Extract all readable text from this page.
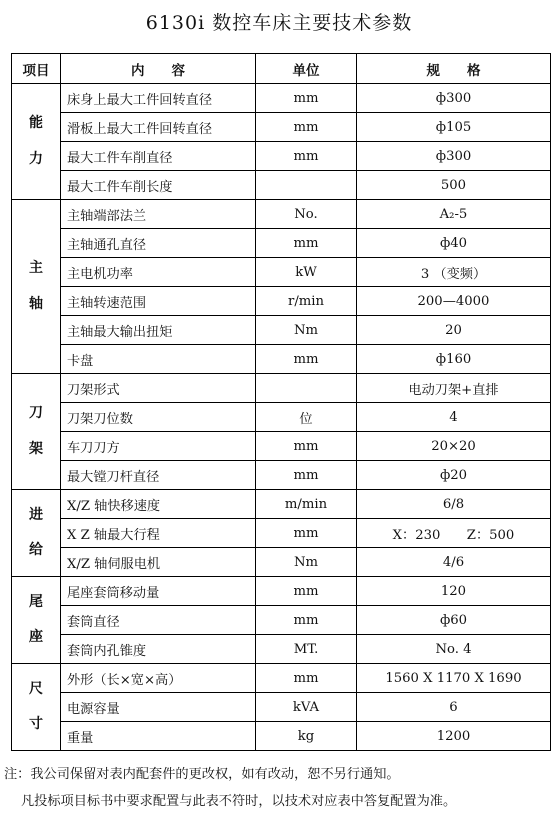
6130i 数控车床主要技术参数
项目	内　　容	单位	规　　格

能
力	床身上最大工件回转直径	mm	ф300
	滑板上最大工件回转直径	mm	ф105
	最大工件车削直径	mm	ф300
	最大工件车削长度		500

主
轴	主轴端部法兰	No.	A₂-5
	主轴通孔直径	mm	ф40
	主电机功率	kW	3 （变频）
	主轴转速范围	r/min	200—4000
	主轴最大输出扭矩	Nm	20
	卡盘	mm	ф160

刀
架	刀架形式		电动刀架+直排
	刀架刀位数	位	4
	车刀刀方	mm	20×20
	最大镗刀杆直径	mm	ф20

进
给	X/Z 轴快移速度	m/min	6/8
	X Z 轴最大行程	mm	X：230　　Z：500
	X/Z 轴伺服电机	Nm	4/6

尾
座	尾座套筒移动量	mm	120
	套筒直径	mm	ф60
	套筒内孔锥度	MT.	No. 4

尺
寸	外形（长×宽×高）	mm	1560 X 1170 X 1690
	电源容量	kVA	6
	重量	kg	1200

注：我公司保留对表内配套件的更改权，如有改动，恕不另行通知。

凡投标项目标书中要求配置与此表不符时，以技术对应表中答复配置为准。
